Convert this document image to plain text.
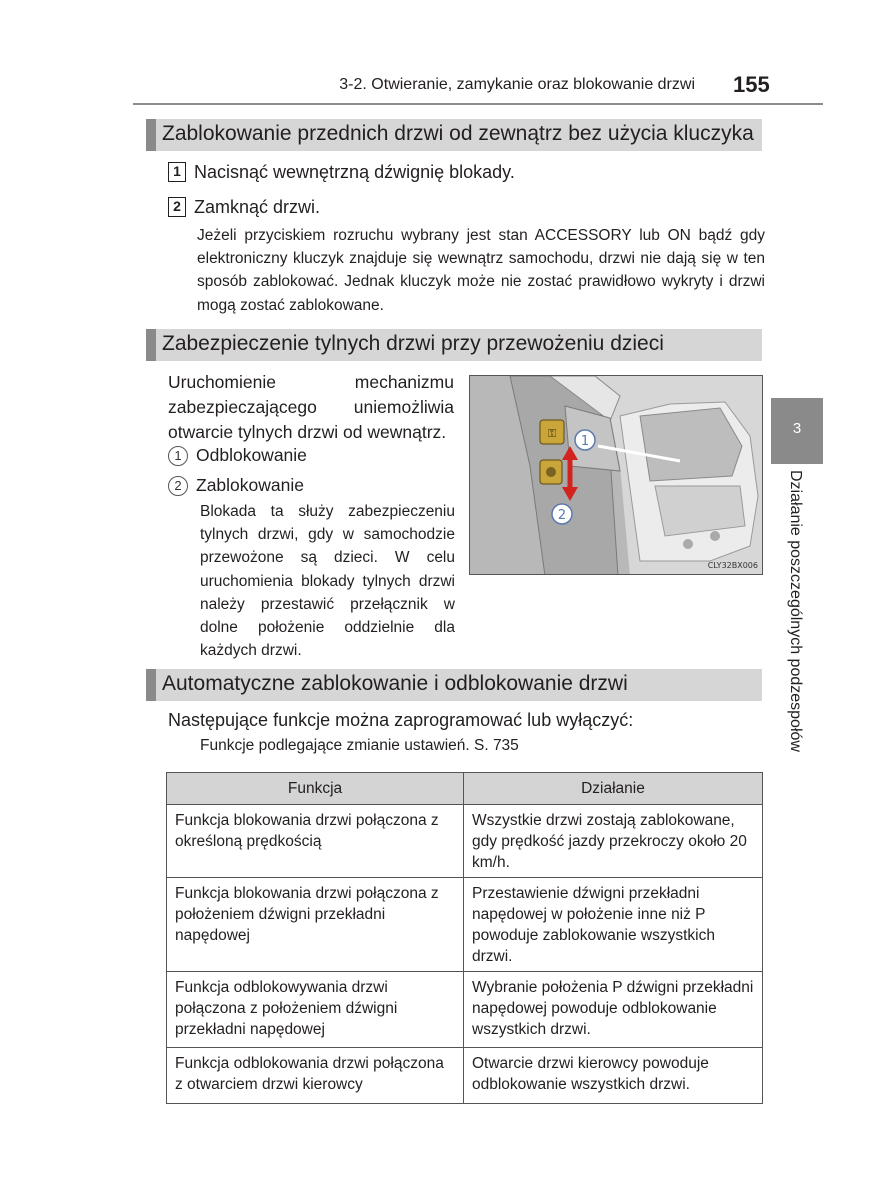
3-2. Otwieranie, zamykanie oraz blokowanie drzwi 155
Zablokowanie przednich drzwi od zewnątrz bez użycia kluczyka
1 Nacisnąć wewnętrzną dźwignię blokady.
2 Zamknąć drzwi.
Jeżeli przyciskiem rozruchu wybrany jest stan ACCESSORY lub ON bądź gdy elektroniczny kluczyk znajduje się wewnątrz samochodu, drzwi nie dają się w ten sposób zablokować. Jednak kluczyk może nie zostać prawidłowo wykryty i drzwi mogą zostać zablokowane.
Zabezpieczenie tylnych drzwi przy przewożeniu dzieci
Uruchomienie mechanizmu zabezpieczającego uniemożliwia otwarcie tylnych drzwi od wewnątrz.
1 Odblokowanie
2 Zablokowanie
Blokada ta służy zabezpieczeniu tylnych drzwi, gdy w samochodzie przewożone są dzieci. W celu uruchomienia blokady tylnych drzwi należy przestawić przełącznik w dolne położenie oddzielnie dla każdych drzwi.
⚿
1
2
CLY32BX006
Automatyczne zablokowanie i odblokowanie drzwi
Następujące funkcje można zaprogramować lub wyłączyć:
Funkcje podlegające zmianie ustawień. S. 735
Funkcja	Działanie
Funkcja blokowania drzwi połączona z określoną prędkością	Wszystkie drzwi zostają zablokowane, gdy prędkość jazdy przekroczy około 20 km/h.
Funkcja blokowania drzwi połączona z położeniem dźwigni przekładni napędowej	Przestawienie dźwigni przekładni napędowej w położenie inne niż P powoduje zablokowanie wszystkich drzwi.
Funkcja odblokowywania drzwi połączona z położeniem dźwigni przekładni napędowej	Wybranie położenia P dźwigni przekładni napędowej powoduje odblokowanie wszystkich drzwi.
Funkcja odblokowania drzwi połączona z otwarciem drzwi kierowcy	Otwarcie drzwi kierowcy powoduje odblokowanie wszystkich drzwi.
3
Działanie poszczególnych podzespołów
